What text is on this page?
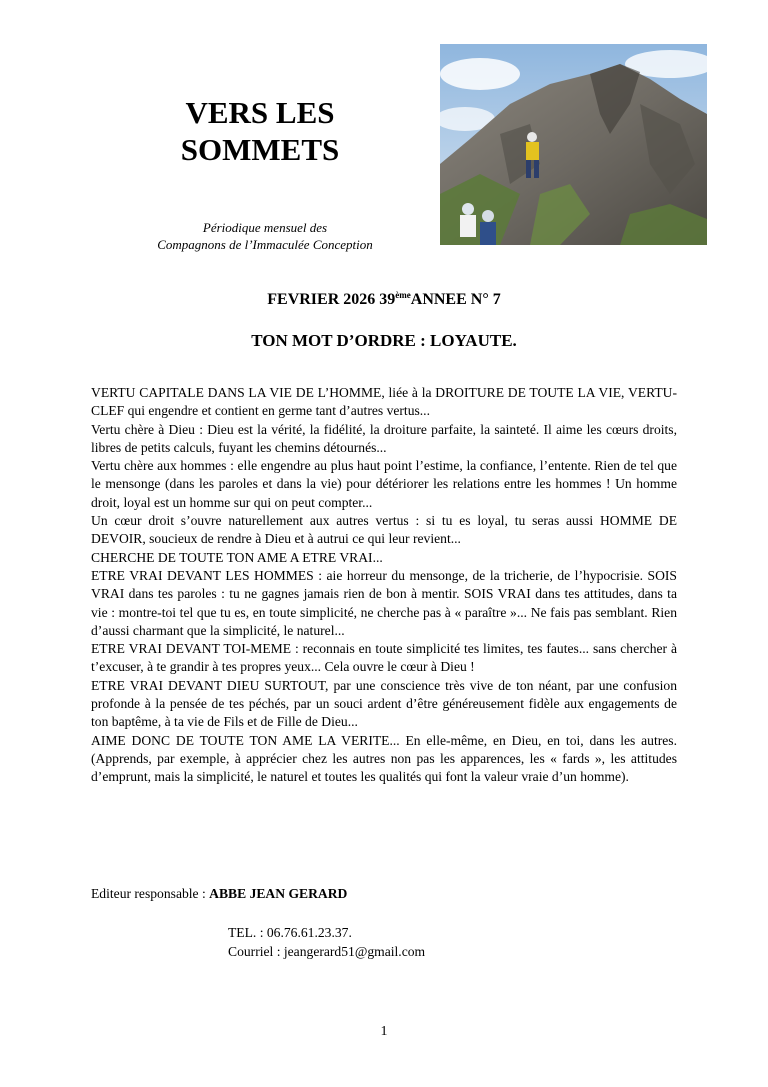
VERS LES
SOMMETS
Périodique mensuel des
Compagnons de l’Immaculée Conception
FEVRIER 2026 39èmeANNEE N° 7
TON MOT D’ORDRE : LOYAUTE.

VERTU CAPITALE DANS LA VIE DE L’HOMME, liée à la DROITURE DE TOUTE LA VIE, VERTU-CLEF qui engendre et contient en germe tant d’autres vertus...

Vertu chère à Dieu : Dieu est la vérité, la fidélité, la droiture parfaite, la sainteté. Il aime les cœurs droits, libres de petits calculs, fuyant les chemins détournés...

Vertu chère aux hommes : elle engendre au plus haut point l’estime, la confiance, l’entente. Rien de tel que le mensonge (dans les paroles et dans la vie) pour détériorer les relations entre les hommes ! Un homme droit, loyal est un homme sur qui on peut compter...

Un cœur droit s’ouvre naturellement aux autres vertus : si tu es loyal, tu seras aussi HOMME DE DEVOIR, soucieux de rendre à Dieu et à autrui ce qui leur revient...

CHERCHE DE TOUTE TON AME A ETRE VRAI...

ETRE VRAI DEVANT LES HOMMES : aie horreur du mensonge, de la tricherie, de l’hypocrisie. SOIS VRAI dans tes paroles : tu ne gagnes jamais rien de bon à mentir. SOIS VRAI dans tes attitudes, dans ta vie : montre-toi tel que tu es, en toute simplicité, ne cherche pas à « paraître »... Ne fais pas semblant. Rien d’aussi charmant que la simplicité, le naturel...

ETRE VRAI DEVANT TOI-MEME : reconnais en toute simplicité tes limites, tes fautes... sans chercher à t’excuser, à te grandir à tes propres yeux... Cela ouvre le cœur à Dieu !

ETRE VRAI DEVANT DIEU SURTOUT, par une conscience très vive de ton néant, par une confusion profonde à la pensée de tes péchés, par un souci ardent d’être généreusement fidèle aux engagements de ton baptême, à ta vie de Fils et de Fille de Dieu...

AIME DONC DE TOUTE TON AME LA VERITE... En elle-même, en Dieu, en toi, dans les autres. (Apprends, par exemple, à apprécier chez les autres non pas les apparences, les « fards », les attitudes d’emprunt, mais la simplicité, le naturel et toutes les qualités qui font la valeur vraie d’un homme).

Editeur responsable : ABBE JEAN GERARD
TEL. : 06.76.61.23.37.
Courriel : jeangerard51@gmail.com
1
